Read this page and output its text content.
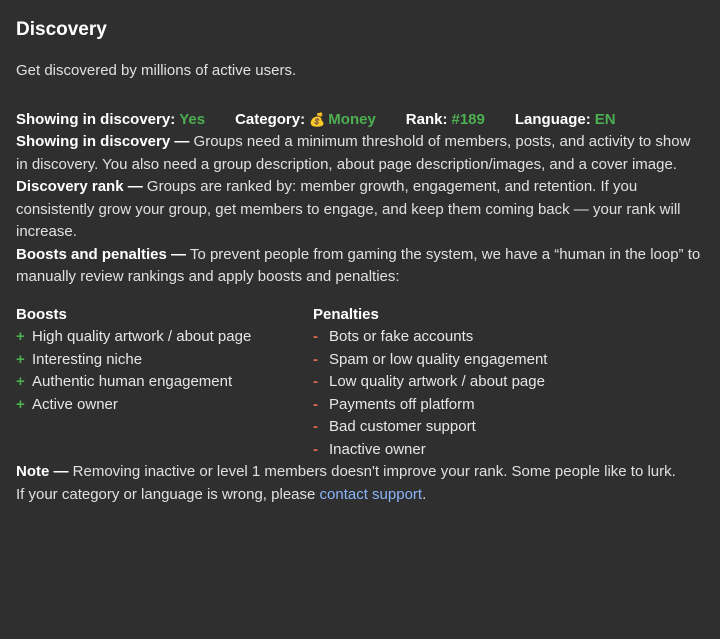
Discovery
Get discovered by millions of active users.
Showing in discovery: Yes Category: 💰 Money Rank: #189 Language: EN

Showing in discovery — Groups need a minimum threshold of members, posts, and activity to show in discovery. You also need a group description, about page description/images, and a cover image.

Discovery rank — Groups are ranked by: member growth, engagement, and retention. If you consistently grow your group, get members to engage, and keep them coming back — your rank will increase.

Boosts and penalties — To prevent people from gaming the system, we have a “human in the loop” to manually review rankings and apply boosts and penalties:

Boosts
+ High quality artwork / about page
+ Interesting niche
+ Authentic human engagement
+ Active owner
Penalties
- Bots or fake accounts
- Spam or low quality engagement
- Low quality artwork / about page
- Payments off platform
- Bad customer support
- Inactive owner

Note — Removing inactive or level 1 members doesn't improve your rank. Some people like to lurk.

If your category or language is wrong, please contact support.
